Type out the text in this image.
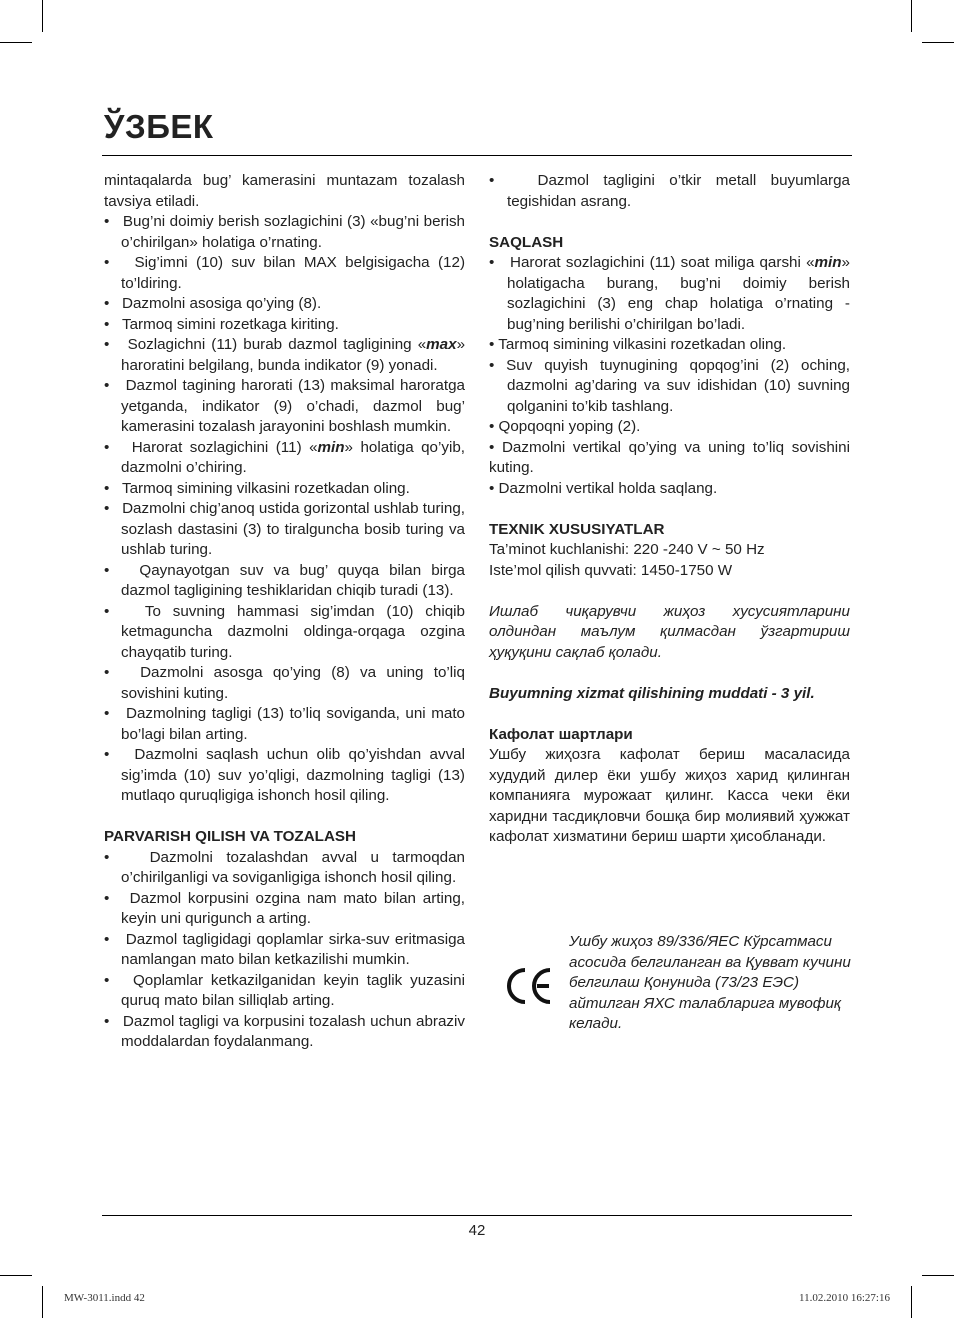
ЎЗБЕК

mintaqalarda bug’ kamerasini muntazam tozalash tavsiya etiladi.

•   Bug’ni doimiy berish sozlagichini (3) «bug’ni berish o’chirilgan» holatiga o’rnating.

•   Sig’imni (10) suv bilan MAX belgisigacha (12) to’ldiring.

•   Dazmolni asosiga qo’ying (8).

•   Tarmoq simini rozetkaga kiriting.

•   Sozlagichni (11) burab dazmol tagligining «max» haroratini belgilang, bunda indikator (9) yonadi.

•   Dazmol tagining harorati (13) maksimal haroratga yetganda, indikator (9) o’chadi, dazmol bug’ kamerasini tozalash jarayonini boshlash mumkin.

•   Harorat sozlagichini (11) «min» holatiga qo’yib, dazmolni o’chiring.

•   Tarmoq simining vilkasini rozetkadan oling.

•   Dazmolni chig’anoq ustida gorizontal ushlab turing, sozlash dastasini (3) to tiralguncha bosib turing va ushlab turing.

•   Qaynayotgan suv va bug’ quyqa bilan birga dazmol tagligining teshiklaridan chiqib turadi (13).

•   To suvning hammasi sig’imdan (10) chiqib ketmaguncha dazmolni oldinga-orqaga ozgina chayqatib turing.

•   Dazmolni asosga qo’ying (8) va uning to’liq sovishini kuting.

•   Dazmolning tagligi (13) to’liq soviganda, uni mato bo’lagi bilan arting.

•   Dazmolni saqlash uchun olib qo’yishdan avval sig’imda (10) suv yo’qligi, dazmolning tagligi (13) mutlaqo quruqligiga ishonch hosil qiling.

PARVARISH QILISH VA TOZALASH

•   Dazmolni tozalashdan avval u tarmoqdan o’chirilganligi va soviganligiga ishonch hosil qiling.

•   Dazmol korpusini ozgina nam mato bilan arting, keyin uni qurigunch a arting.

•   Dazmol tagligidagi qoplamlar sirka-suv eritmasiga namlangan mato bilan ketkazilishi mumkin.

•   Qoplamlar ketkazilganidan keyin taglik yuzasini quruq mato bilan silliqlab arting.

•   Dazmol tagligi va korpusini tozalash uchun abraziv moddalardan foydalanmang.

•   Dazmol tagligini o’tkir metall buyumlarga tegishidan asrang.

SAQLASH

•   Harorat sozlagichini (11) soat miliga qarshi «min» holatigacha burang, bug’ni doimiy berish sozlagichini (3) eng chap holatiga o’rnating - bug’ning berilishi o’chirilgan bo’ladi.

• Tarmoq simining vilkasini rozetkadan oling.

• Suv quyish tuynugining qopqog’ini (2) oching, dazmolni ag’daring va suv idishidan (10) suvning qolganini to’kib tashlang.

• Qopqoqni yoping (2).

• Dazmolni vertikal qo’ying va uning to’liq sovishini kuting.

• Dazmolni vertikal holda saqlang.

TEXNIK XUSUSIYATLAR

Ta’minot kuchlanishi: 220 -240 V ~ 50 Hz

Iste’mol qilish quvvati: 1450-1750 W

Ишлаб чиқарувчи жиҳоз хусусиятларини олдиндан маълум қилмасдан ўзгартириш ҳуқуқини сақлаб қолади.

Buyumning xizmat qilishining muddati - 3 yil.

Кафолат шартлари

Ушбу жиҳозга кафолат бериш масаласида худудий дилер ёки ушбу жиҳоз харид қилинган компанияга мурожаат қилинг. Касса чеки ёки харидни тасдиқловчи бошқа бир молиявий ҳужжат кафолат хизматини бериш шарти ҳисобланади.

Ушбу жиҳоз 89/336/ЯЕС Кўрсатмаси асосида белгиланган ва Қувват кучини белгилаш Қонунида (73/23 ЕЭС) айтилган ЯХС талабларига мувофиқ келади.
42
MW-3011.indd 42	11.02.2010 16:27:16
